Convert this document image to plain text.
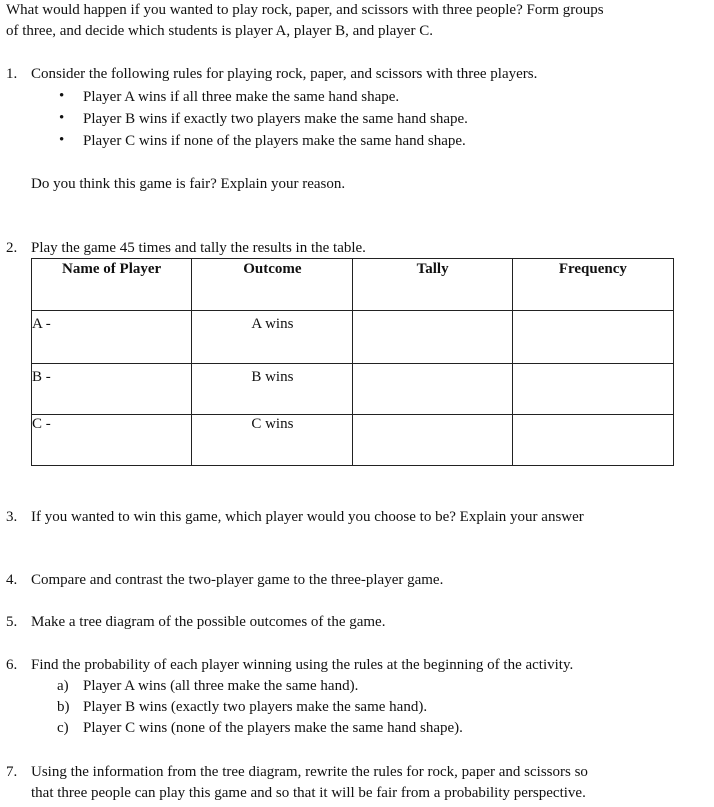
What would happen if you wanted to play rock, paper, and scissors with three people? Form groups
of three, and decide which students is player A, player B, and player C.
1. Consider the following rules for playing rock, paper, and scissors with three players.
• Player A wins if all three make the same hand shape.
• Player B wins if exactly two players make the same hand shape.
• Player C wins if none of the players make the same hand shape.
Do you think this game is fair? Explain your reason.
2. Play the game 45 times and tally the results in the table.
Name of Player	Outcome	Tally	Frequency
A -	A wins		
B -	B wins		
C -	C wins		
3. If you wanted to win this game, which player would you choose to be? Explain your answer
4. Compare and contrast the two-player game to the three-player game.
5. Make a tree diagram of the possible outcomes of the game.
6. Find the probability of each player winning using the rules at the beginning of the activity.
a) Player A wins (all three make the same hand).
b) Player B wins (exactly two players make the same hand).
c) Player C wins (none of the players make the same hand shape).
7. Using the information from the tree diagram, rewrite the rules for rock, paper and scissors so
that three people can play this game and so that it will be fair from a probability perspective.
